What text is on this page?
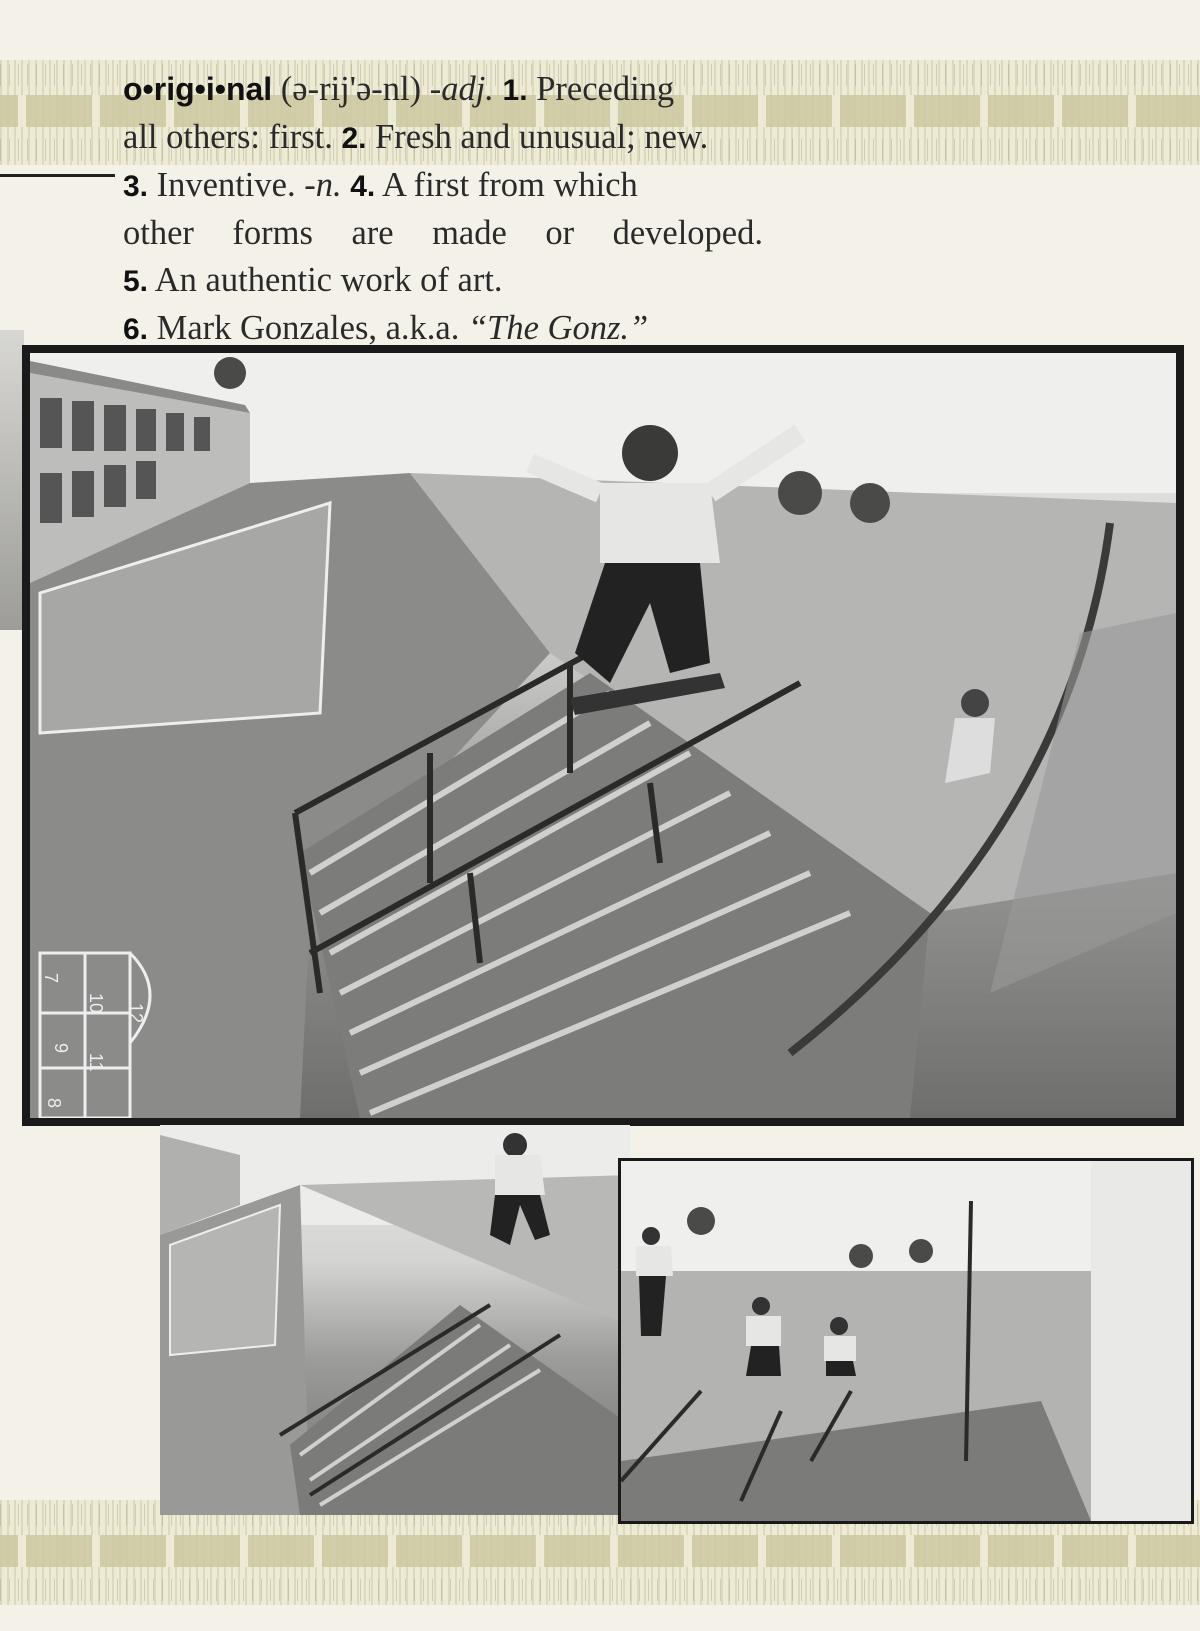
o•rig•i•nal (ə-rij'ə-nl) -adj. 1. Preceding
all others: first. 2. Fresh and unusual; new.
3. Inventive. -n. 4. A first from which
other forms are made or developed.
5. An authentic work of art.
6. Mark Gonzales, a.k.a. “The Gonz.”
10 12
9
11
7
8
